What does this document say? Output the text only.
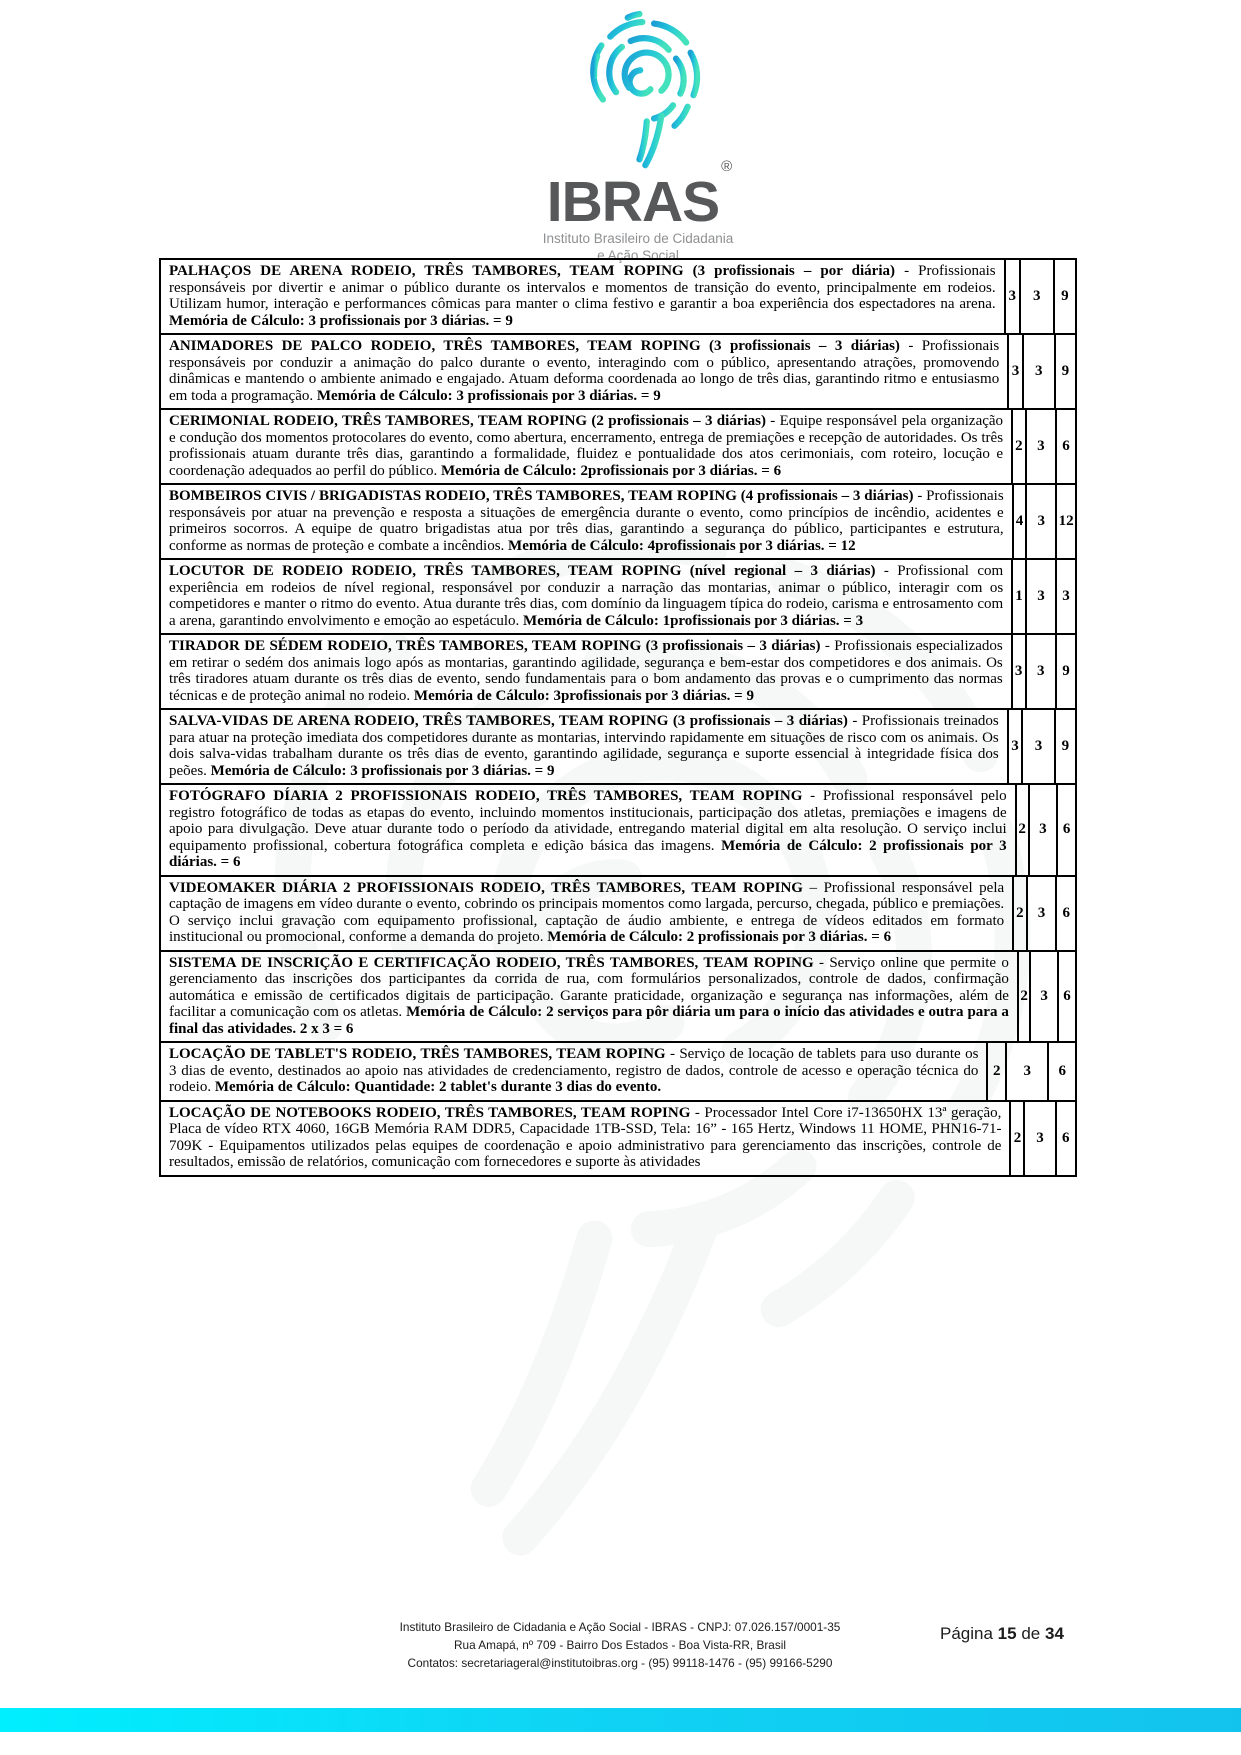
IBRAS®
Instituto Brasileiro de Cidadania
e Ação Social
PALHAÇOS DE ARENA RODEIO, TRÊS TAMBORES, TEAM ROPING (3 profissionais – por diária) - Profissionais responsáveis por divertir e animar o público durante os intervalos e momentos de transição do evento, principalmente em rodeios. Utilizam humor, interação e performances cômicas para manter o clima festivo e garantir a boa experiência dos espectadores na arena. Memória de Cálculo: 3 profissionais por 3 diárias. = 9
3	3	9
ANIMADORES DE PALCO RODEIO, TRÊS TAMBORES, TEAM ROPING (3 profissionais – 3 diárias) - Profissionais responsáveis por conduzir a animação do palco durante o evento, interagindo com o público, apresentando atrações, promovendo dinâmicas e mantendo o ambiente animado e engajado. Atuam deforma coordenada ao longo de três dias, garantindo ritmo e entusiasmo em toda a programação. Memória de Cálculo: 3 profissionais por 3 diárias. = 9
3	3	9
CERIMONIAL RODEIO, TRÊS TAMBORES, TEAM ROPING (2 profissionais – 3 diárias) - Equipe responsável pela organização e condução dos momentos protocolares do evento, como abertura, encerramento, entrega de premiações e recepção de autoridades. Os três profissionais atuam durante três dias, garantindo a formalidade, fluidez e pontualidade dos atos cerimoniais, com roteiro, locução e coordenação adequados ao perfil do público. Memória de Cálculo: 2profissionais por 3 diárias. = 6
2 3	6
BOMBEIROS CIVIS / BRIGADISTAS RODEIO, TRÊS TAMBORES, TEAM ROPING (4 profissionais – 3 diárias) - Profissionais responsáveis por atuar na prevenção e resposta a situações de emergência durante o evento, como princípios de incêndio, acidentes e primeiros socorros. A equipe de quatro brigadistas atua por três dias, garantindo a segurança do público, participantes e estrutura, conforme as normas de proteção e combate a incêndios. Memória de Cálculo: 4profissionais por 3 diárias. = 12
4 3 12
LOCUTOR DE RODEIO RODEIO, TRÊS TAMBORES, TEAM ROPING (nível regional – 3 diárias) - Profissional com experiência em rodeios de nível regional, responsável por conduzir a narração das montarias, animar o público, interagir com os competidores e manter o ritmo do evento. Atua durante três dias, com domínio da linguagem típica do rodeio, carisma e entrosamento com a arena, garantindo envolvimento e emoção ao espetáculo. Memória de Cálculo: 1profissionais por 3 diárias. = 3
1 3	3
TIRADOR DE SÉDEM RODEIO, TRÊS TAMBORES, TEAM ROPING (3 profissionais – 3 diárias) - Profissionais especializados em retirar o sedém dos animais logo após as montarias, garantindo agilidade, segurança e bem-estar dos competidores e dos animais. Os três tiradores atuam durante os três dias de evento, sendo fundamentais para o bom andamento das provas e o cumprimento das normas técnicas e de proteção animal no rodeio. Memória de Cálculo: 3profissionais por 3 diárias. = 9
3 3	9
SALVA-VIDAS DE ARENA RODEIO, TRÊS TAMBORES, TEAM ROPING (3 profissionais – 3 diárias) - Profissionais treinados para atuar na proteção imediata dos competidores durante as montarias, intervindo rapidamente em situações de risco com os animais. Os dois salva-vidas trabalham durante os três dias de evento, garantindo agilidade, segurança e suporte essencial à integridade física dos peões. Memória de Cálculo: 3 profissionais por 3 diárias. = 9
3	3	9
FOTÓGRAFO DÍARIA 2 PROFISSIONAIS RODEIO, TRÊS TAMBORES, TEAM ROPING - Profissional responsável pelo registro fotográfico de todas as etapas do evento, incluindo momentos institucionais, participação dos atletas, premiações e imagens de apoio para divulgação. Deve atuar durante todo o período da atividade, entregando material digital em alta resolução. O serviço inclui equipamento profissional, cobertura fotográfica completa e edição básica das imagens. Memória de Cálculo: 2 profissionais por 3 diárias. = 6
2 3	6
VIDEOMAKER DIÁRIA 2 PROFISSIONAIS RODEIO, TRÊS TAMBORES, TEAM ROPING – Profissional responsável pela captação de imagens em vídeo durante o evento, cobrindo os principais momentos como largada, percurso, chegada, público e premiações. O serviço inclui gravação com equipamento profissional, captação de áudio ambiente, e entrega de vídeos editados em formato institucional ou promocional, conforme a demanda do projeto. Memória de Cálculo: 2 profissionais por 3 diárias. = 6
2 3	6
SISTEMA DE INSCRIÇÃO E CERTIFICAÇÃO RODEIO, TRÊS TAMBORES, TEAM ROPING - Serviço online que permite o gerenciamento das inscrições dos participantes da corrida de rua, com formulários personalizados, controle de dados, confirmação automática e emissão de certificados digitais de participação. Garante praticidade, organização e segurança nas informações, além de facilitar a comunicação com os atletas. Memória de Cálculo: 2 serviços para pôr diária um para o início das atividades e outra para a final das atividades. 2 x 3 = 6
2 3	6
LOCAÇÃO DE TABLET'S RODEIO, TRÊS TAMBORES, TEAM ROPING - Serviço de locação de tablets para uso durante os 3 dias de evento, destinados ao apoio nas atividades de credenciamento, registro de dados, controle de acesso e operação técnica do rodeio. Memória de Cálculo: Quantidade: 2 tablet's durante 3 dias do evento.
2	3	6
LOCAÇÃO DE NOTEBOOKS RODEIO, TRÊS TAMBORES, TEAM ROPING - Processador Intel Core i7-13650HX 13ª geração, Placa de vídeo RTX 4060, 16GB Memória RAM DDR5, Capacidade 1TB-SSD, Tela: 16” - 165 Hertz, Windows 11 HOME, PHN16-71-709K - Equipamentos utilizados pelas equipes de coordenação e apoio administrativo para gerenciamento das inscrições, controle de resultados, emissão de relatórios, comunicação com fornecedores e suporte às atividades
2	3	6
Instituto Brasileiro de Cidadania e Ação Social - IBRAS - CNPJ: 07.026.157/0001-35
Rua Amapá, nº 709 - Bairro Dos Estados - Boa Vista-RR, Brasil
Contatos: secretariageral@institutoibras.org - (95) 99118-1476 - (95) 99166-5290
Página 15 de 34
